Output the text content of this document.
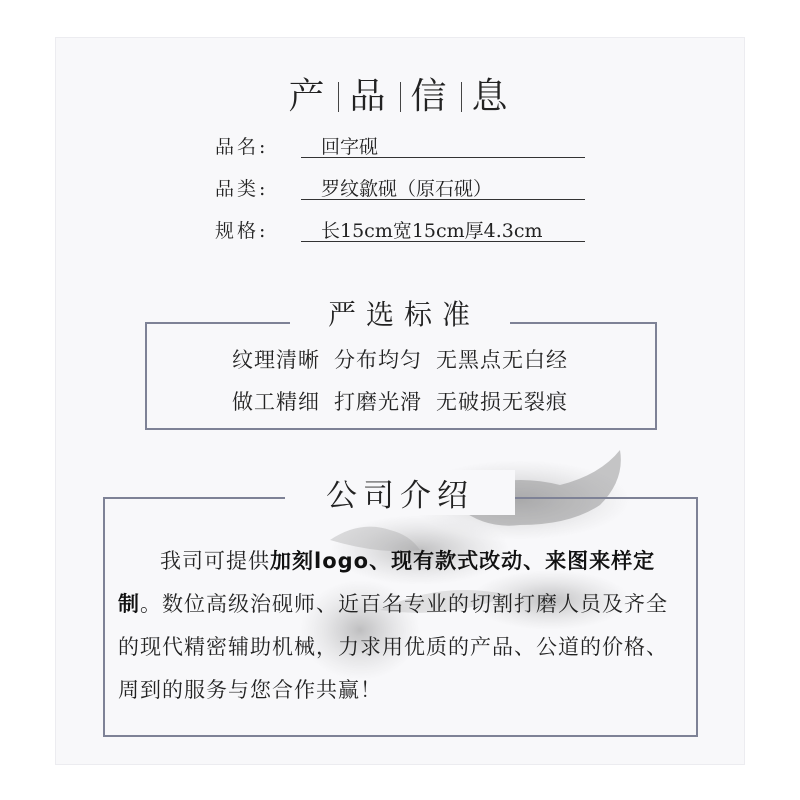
产 品 信 息
品名:	回字砚
品类:	罗纹歙砚（原石砚）
规格:	长15cm宽15cm厚4.3cm
严选标准
纹理清晰 分布均匀 无黑点无白经
做工精细 打磨光滑 无破损无裂痕
公司介绍
我司可提供加刻logo、现有款式改动、来图来样定制。数位高级治砚师、近百名专业的切割打磨人员及齐全的现代精密辅助机械，力求用优质的产品、公道的价格、周到的服务与您合作共赢！
